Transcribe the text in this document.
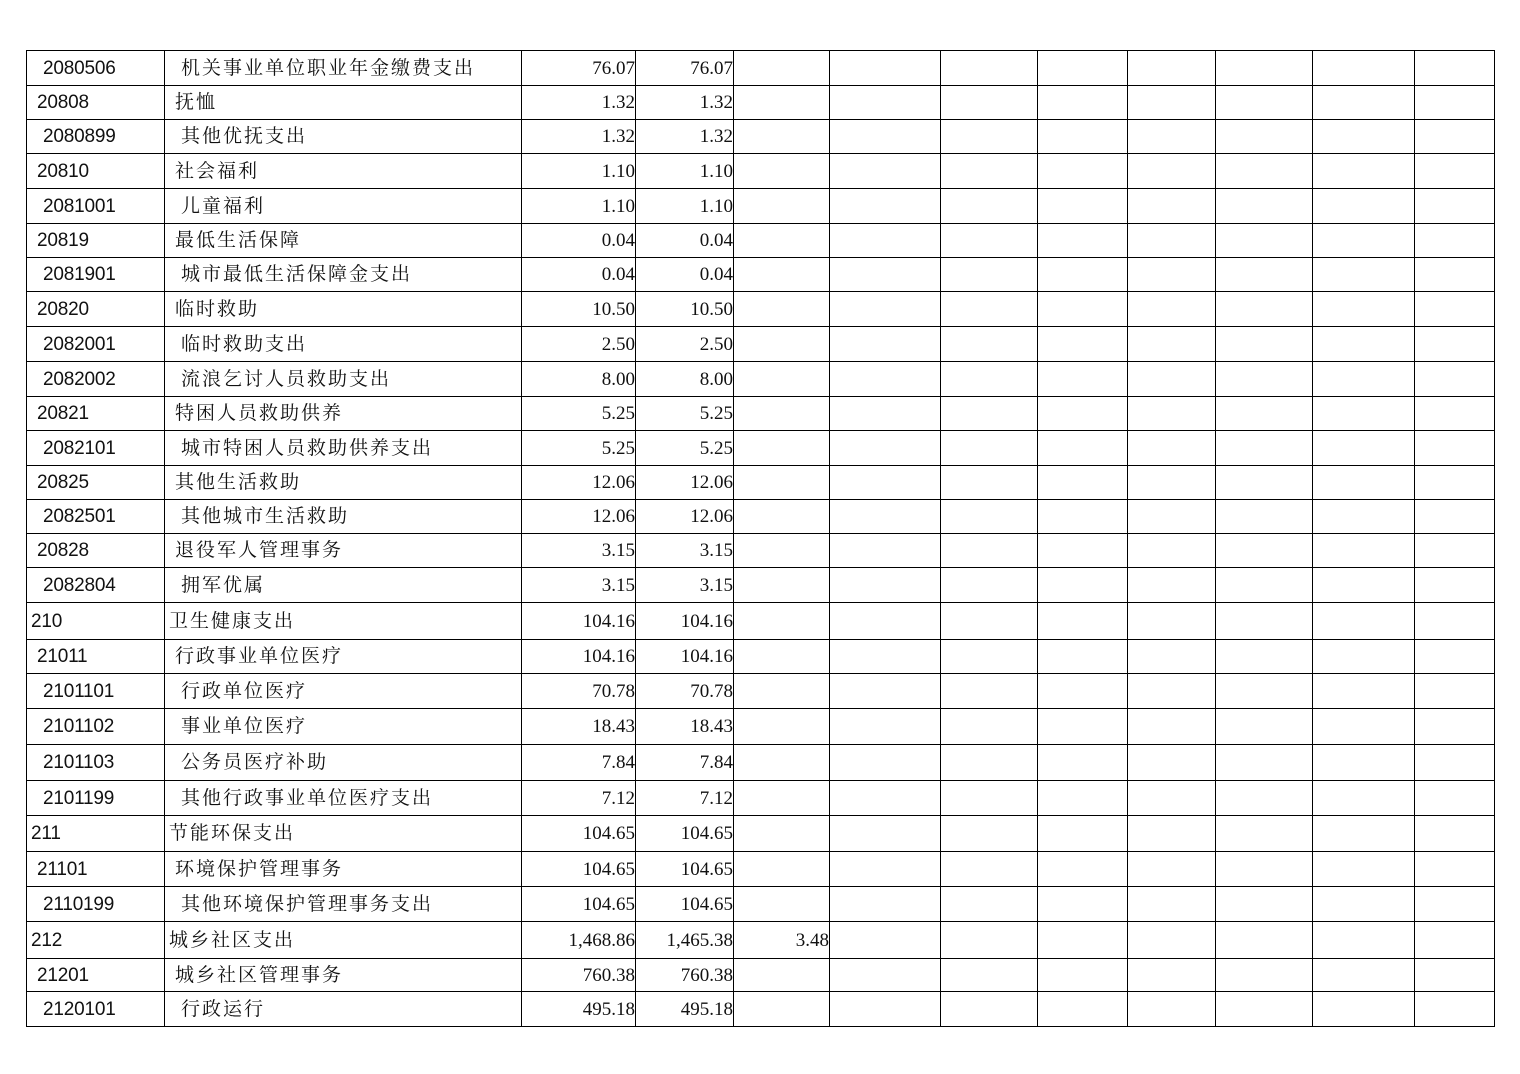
2080506	机关事业单位职业年金缴费支出	76.07	76.07								
20808	抚恤	1.32	1.32								
2080899	其他优抚支出	1.32	1.32								
20810	社会福利	1.10	1.10								
2081001	儿童福利	1.10	1.10								
20819	最低生活保障	0.04	0.04								
2081901	城市最低生活保障金支出	0.04	0.04								
20820	临时救助	10.50	10.50								
2082001	临时救助支出	2.50	2.50								
2082002	流浪乞讨人员救助支出	8.00	8.00								
20821	特困人员救助供养	5.25	5.25								
2082101	城市特困人员救助供养支出	5.25	5.25								
20825	其他生活救助	12.06	12.06								
2082501	其他城市生活救助	12.06	12.06								
20828	退役军人管理事务	3.15	3.15								
2082804	拥军优属	3.15	3.15								
210	卫生健康支出	104.16	104.16								
21011	行政事业单位医疗	104.16	104.16								
2101101	行政单位医疗	70.78	70.78								
2101102	事业单位医疗	18.43	18.43								
2101103	公务员医疗补助	7.84	7.84								
2101199	其他行政事业单位医疗支出	7.12	7.12								
211	节能环保支出	104.65	104.65								
21101	环境保护管理事务	104.65	104.65								
2110199	其他环境保护管理事务支出	104.65	104.65								
212	城乡社区支出	1,468.86	1,465.38	3.48							
21201	城乡社区管理事务	760.38	760.38								
2120101	行政运行	495.18	495.18								
